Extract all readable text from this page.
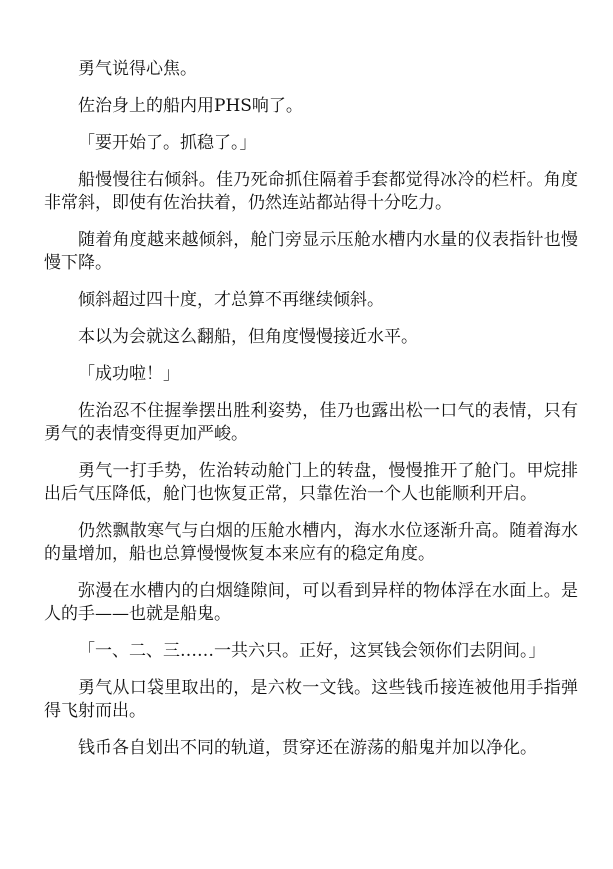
勇气说得心焦。

佐治身上的船内用PHS响了。

「要开始了。抓稳了。」

船慢慢往右倾斜。佳乃死命抓住隔着手套都觉得冰冷的栏杆。角度非常斜，即使有佐治扶着，仍然连站都站得十分吃力。

随着角度越来越倾斜，舱门旁显示压舱水槽内水量的仪表指针也慢慢下降。

倾斜超过四十度，才总算不再继续倾斜。

本以为会就这么翻船，但角度慢慢接近水平。

「成功啦！」

佐治忍不住握拳摆出胜利姿势，佳乃也露出松一口气的表情，只有勇气的表情变得更加严峻。

勇气一打手势，佐治转动舱门上的转盘，慢慢推开了舱门。甲烷排出后气压降低，舱门也恢复正常，只靠佐治一个人也能顺利开启。

仍然飘散寒气与白烟的压舱水槽内，海水水位逐渐升高。随着海水的量增加，船也总算慢慢恢复本来应有的稳定角度。

弥漫在水槽内的白烟缝隙间，可以看到异样的物体浮在水面上。是人的手——也就是船鬼。

「一、二、三……一共六只。正好，这冥钱会领你们去阴间。」

勇气从口袋里取出的，是六枚一文钱。这些钱币接连被他用手指弹得飞射而出。

钱币各自划出不同的轨道，贯穿还在游荡的船鬼并加以净化。
